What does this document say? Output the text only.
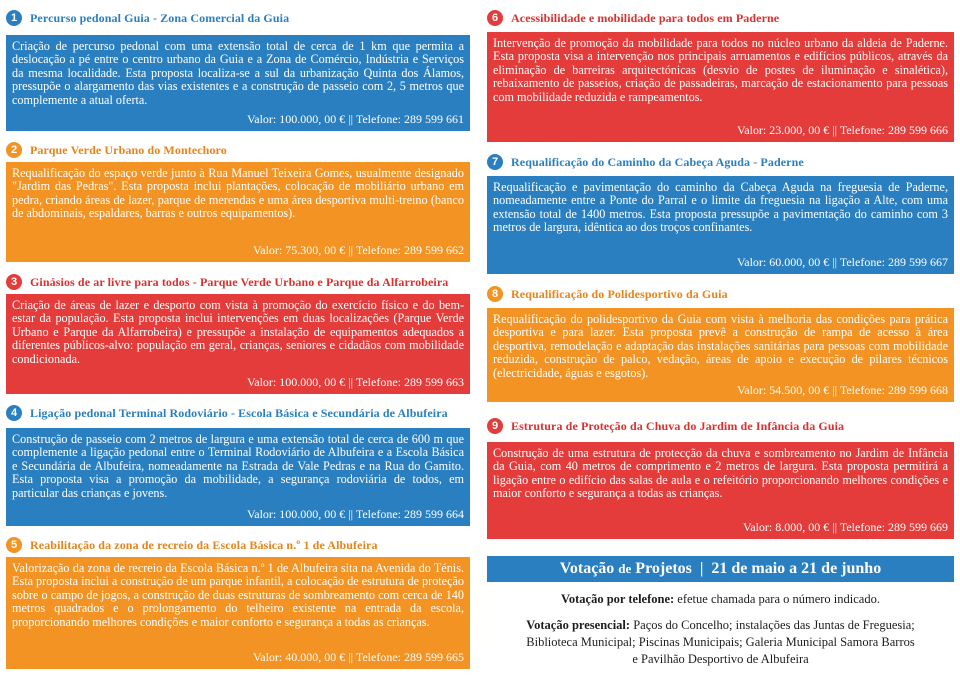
1	Percurso pedonal Guia - Zona Comercial da Guia
Criação de percurso pedonal com uma extensão total de cerca de 1 km que permita a deslocação a pé entre o centro urbano da Guia e a Zona de Comércio, Indústria e Serviços da mesma localidade. Esta proposta localiza-se a sul da urbanização Quinta dos Álamos, pressupõe o alargamento das vias existentes e a construção de passeio com 2, 5 metros que complemente a atual oferta.
Valor: 100.000, 00 € || Telefone: 289 599 661
2	Parque Verde Urbano do Montechoro
Requalificação do espaço verde junto à Rua Manuel Teixeira Gomes, usualmente designado "Jardim das Pedras". Esta proposta inclui plantações, colocação de mobiliário urbano em pedra, criando áreas de lazer, parque de merendas e uma área desportiva multi-treino (banco de abdominais, espaldares, barras e outros equipamentos).
Valor: 75.300, 00 € || Telefone: 289 599 662
3	Ginásios de ar livre para todos - Parque Verde Urbano e Parque da Alfarrobeira
Criação de áreas de lazer e desporto com vista à promoção do exercício físico e do bem-estar da população. Esta proposta inclui intervenções em duas localizações (Parque Verde Urbano e Parque da Alfarrobeira) e pressupõe a instalação de equipamentos adequados a diferentes públicos-alvo: população em geral, crianças, seniores e cidadãos com mobilidade condicionada.
Valor: 100.000, 00 € || Telefone: 289 599 663
4	Ligação pedonal Terminal Rodoviário - Escola Básica e Secundária de Albufeira
Construção de passeio com 2 metros de largura e uma extensão total de cerca de 600 m que complemente a ligação pedonal entre o Terminal Rodoviário de Albufeira e a Escola Básica e Secundária de Albufeira, nomeadamente na Estrada de Vale Pedras e na Rua do Gamito. Esta proposta visa a promoção da mobilidade, a segurança rodoviária de todos, em particular das crianças e jovens.
Valor: 100.000, 00 € || Telefone: 289 599 664
5	Reabilitação da zona de recreio da Escola Básica n.º 1 de Albufeira
Valorização da zona de recreio da Escola Básica n.º 1 de Albufeira sita na Avenida do Ténis. Esta proposta inclui a construção de um parque infantil, a colocação de estrutura de proteção sobre o campo de jogos, a construção de duas estruturas de sombreamento com cerca de 140 metros quadrados e o prolongamento do telheiro existente na entrada da escola, proporcionando melhores condições e maior conforto e segurança a todas as crianças.
Valor: 40.000, 00 € || Telefone: 289 599 665
6	Acessibilidade e mobilidade para todos em Paderne
Intervenção de promoção da mobilidade para todos no núcleo urbano da aldeia de Paderne. Esta proposta visa a intervenção nos principais arruamentos e edifícios públicos, através da eliminação de barreiras arquitectónicas (desvio de postes de iluminação e sinalética), rebaixamento de passeios, criação de passadeiras, marcação de estacionamento para pessoas com mobilidade reduzida e rampeamentos.
Valor: 23.000, 00 € || Telefone: 289 599 666
7	Requalificação do Caminho da Cabeça Aguda - Paderne
Requalificação e pavimentação do caminho da Cabeça Aguda na freguesia de Paderne, nomeadamente entre a Ponte do Parral e o limite da freguesia na ligação a Alte, com uma extensão total de 1400 metros. Esta proposta pressupõe a pavimentação do caminho com 3 metros de largura, idêntica ao dos troços confinantes.
Valor: 60.000, 00 € || Telefone: 289 599 667
8	Requalificação do Polidesportivo da Guia
Requalificação do polidesportivo da Guia com vista à melhoria das condições para prática desportiva e para lazer. Esta proposta prevê a construção de rampa de acesso à área desportiva, remodelação e adaptação das instalações sanitárias para pessoas com mobilidade reduzida, construção de palco, vedação, áreas de apoio e execução de pilares técnicos (electricidade, águas e esgotos).
Valor: 54.500, 00 € || Telefone: 289 599 668
9	Estrutura de Proteção da Chuva do Jardim de Infância da Guia
Construção de uma estrutura de protecção da chuva e sombreamento no Jardim de Infância da Guia, com 40 metros de comprimento e 2 metros de largura. Esta proposta permitirá a ligação entre o edifício das salas de aula e o refeitório proporcionando melhores condições e maior conforto e segurança a todas as crianças.
Valor: 8.000, 00 € || Telefone: 289 599 669
Votação de Projetos | 21 de maio a 21 de junho
Votação por telefone: efetue chamada para o número indicado.
Votação presencial: Paços do Concelho; instalações das Juntas de Freguesia;
Biblioteca Municipal; Piscinas Municipais; Galeria Municipal Samora Barros
e Pavilhão Desportivo de Albufeira
